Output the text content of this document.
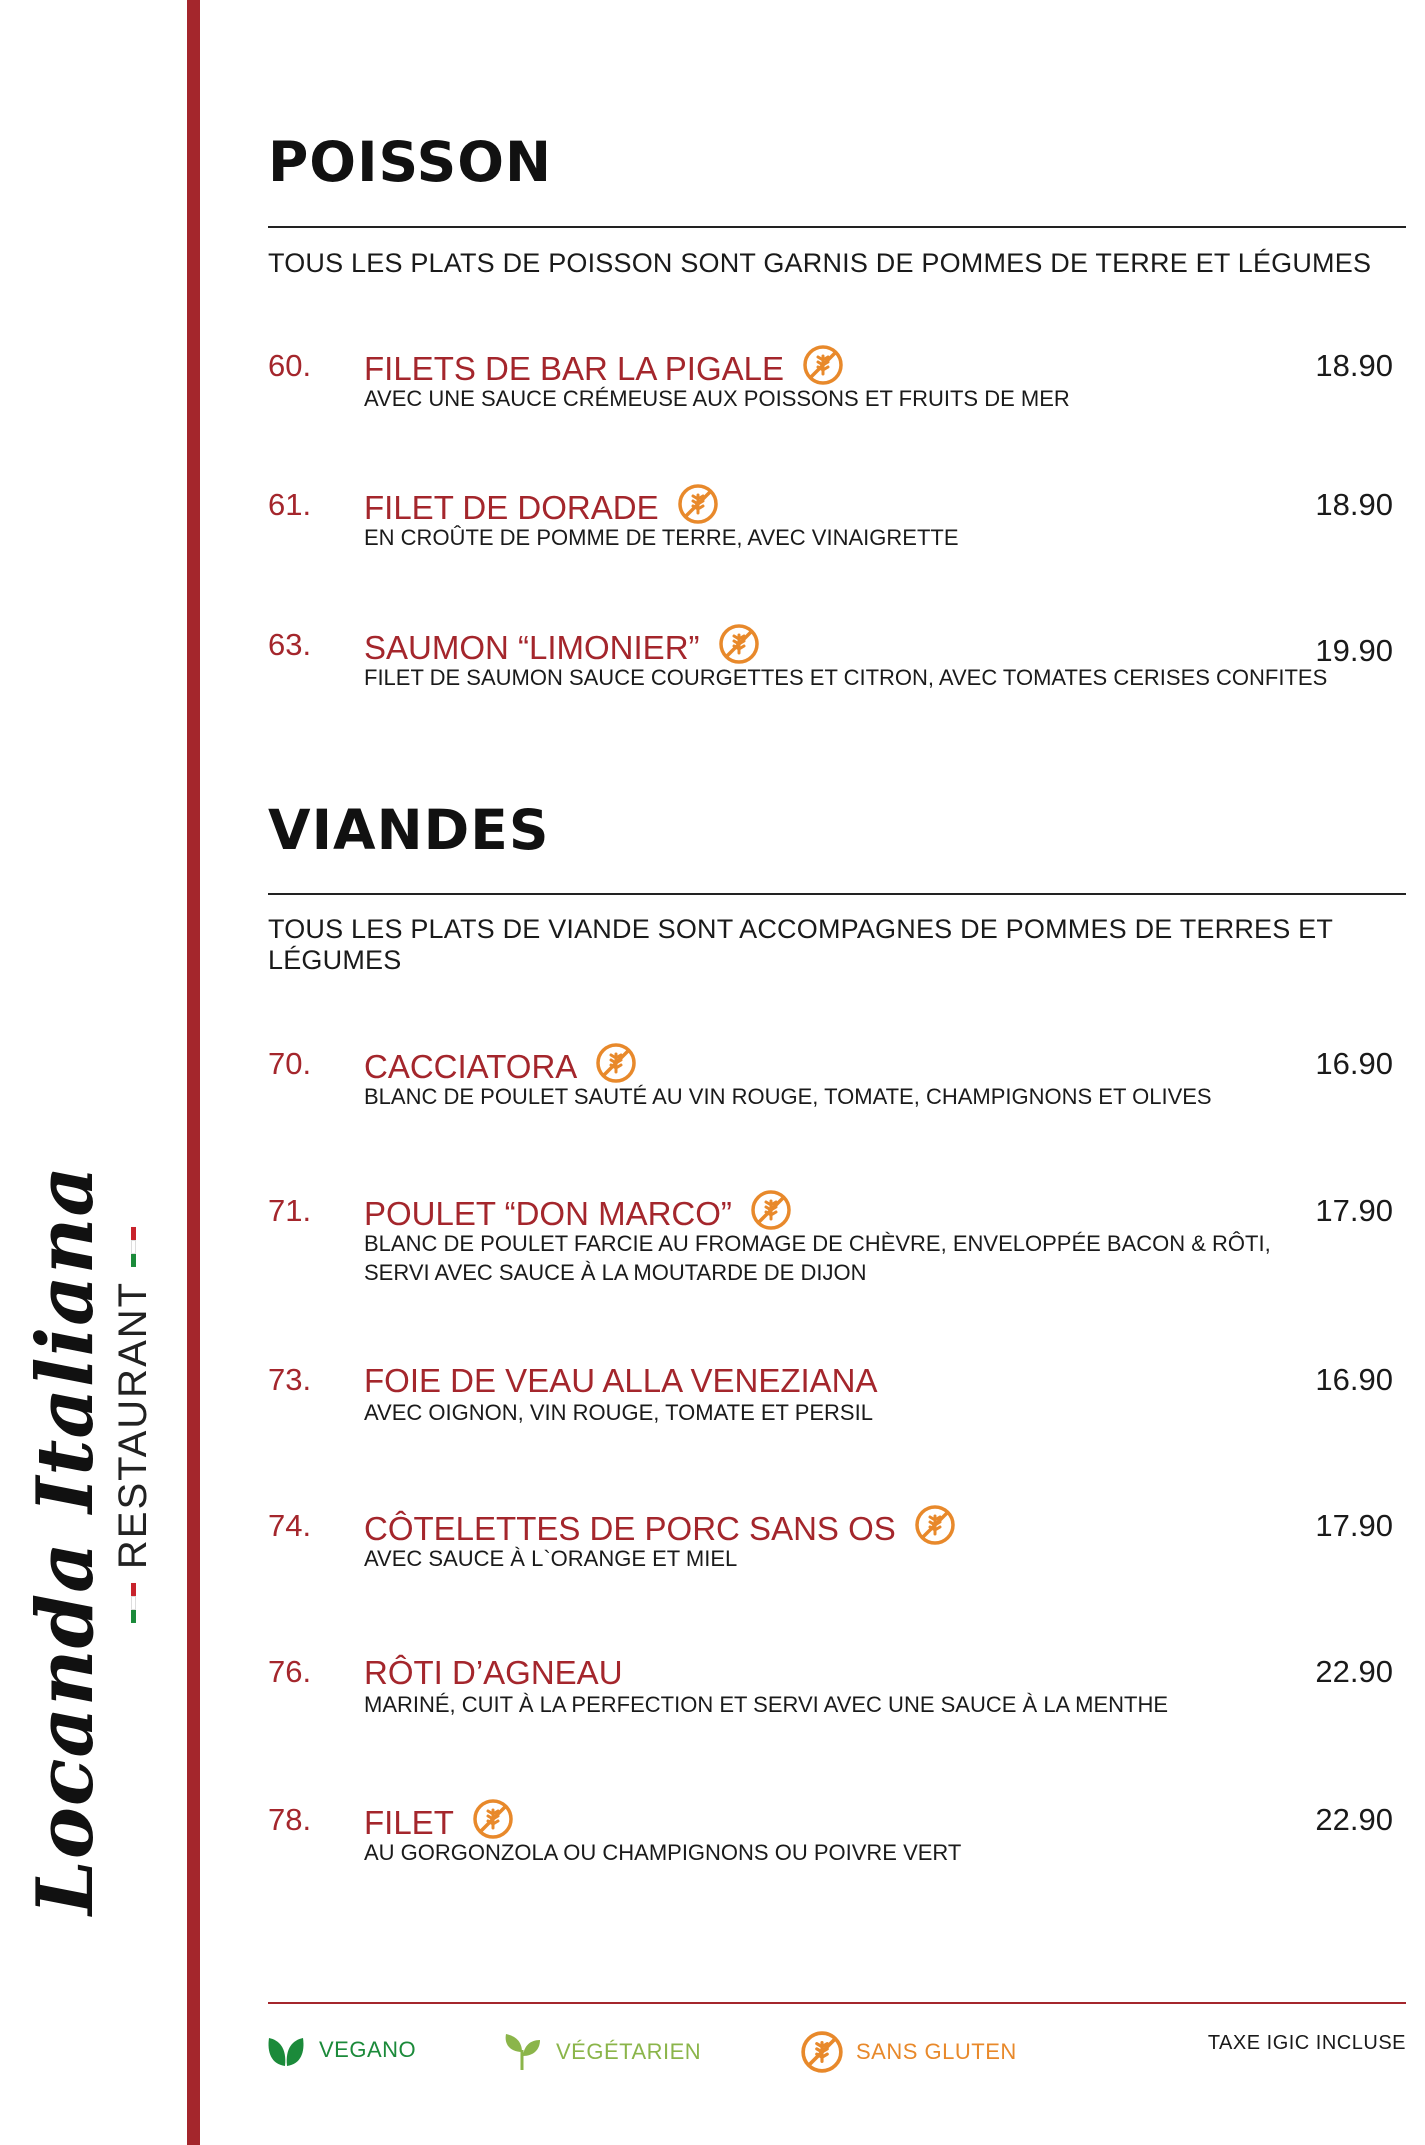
Locanda Italiana RESTAURANT
POISSON
TOUS LES PLATS DE POISSON SONT GARNIS DE POMMES DE TERRE ET LÉGUMES
60. FILETS DE BAR LA PIGALE	18.90
AVEC UNE SAUCE CRÉMEUSE AUX POISSONS ET FRUITS DE MER
61. FILET DE DORADE	18.90
EN CROÛTE DE POMME DE TERRE, AVEC VINAIGRETTE
63. SAUMON “LIMONIER”	19.90
FILET DE SAUMON SAUCE COURGETTES ET CITRON, AVEC TOMATES CERISES CONFITES
VIANDES
TOUS LES PLATS DE VIANDE SONT ACCOMPAGNES DE POMMES DE TERRES ET LÉGUMES
70. CACCIATORA	16.90
BLANC DE POULET SAUTÉ AU VIN ROUGE, TOMATE, CHAMPIGNONS ET OLIVES
71. POULET “DON MARCO”	17.90
BLANC DE POULET FARCIE AU FROMAGE DE CHÈVRE, ENVELOPPÉE BACON & RÔTI,
SERVI AVEC SAUCE À LA MOUTARDE DE DIJON
73. FOIE DE VEAU ALLA VENEZIANA	16.90
AVEC OIGNON, VIN ROUGE, TOMATE ET PERSIL
74. CÔTELETTES DE PORC SANS OS	17.90
AVEC SAUCE À L`ORANGE ET MIEL
76. RÔTI D’AGNEAU	22.90
MARINÉ, CUIT À LA PERFECTION ET SERVI AVEC UNE SAUCE À LA MENTHE
78. FILET	22.90
AU GORGONZOLA OU CHAMPIGNONS OU POIVRE VERT
VEGANO	VÉGÉTARIEN	SANS GLUTEN	TAXE IGIC INCLUSE
